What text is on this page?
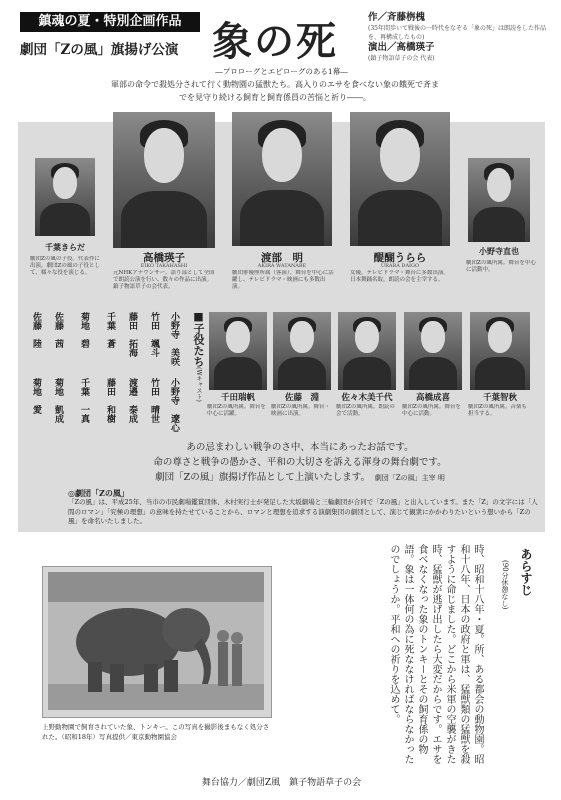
鎮魂の夏・特別企画作品
劇団「Ζの風」旗揚げ公演 象の死
作／斉藤栴槐
(35年間歩いて戦後の一時代をなぞる「象の死」は朗読をした作品を、再構成したもの)
演出／高橋瑛子
(鎮子物語草子の会 代表)
―プロローグとエピローグのある1幕―
軍部の命令で殺処分されて行く動物園の猛獣たち。高入りのエサを食べない象の餓死で斉までを見守り続ける飼育と飼育係員の苦悩と祈り――。
千葉きらだ
劇団Ζの風の子役。代表作に出演。劇団Ζの風の子役として、様々な役を演じる。
高橋瑛子
EIKO TAKAHASHI
元NHKアナウンサー。語り部として全国で朗読公演を行い、数々の作品に出演。鎮子物語草子の会代表。
渡部　明
AKIRA WATANABE
劇団俳優座所属（客演）。舞台を中心に活躍し、テレビドラマ・映画にも多数出演。
醍醐うらら
URARA DAIGO
女優。テレビドラマ・舞台に多数出演。日本舞踊名取。朗読の会を主宰する。
小野寺直也
劇団Ζの風所属。舞台を中心に活動中。
佐藤　陸
菊地　愛
佐藤　茜
菊地　凱成
菊地　碧
千葉　一真
千葉　蒼
藤田　和樹
藤田　拓海
渡邉　泰成
竹田　颯斗
竹田　晴世
小野寺　美咲
小野寺　遼心
■子役たち(Wキャスト)	千田瑞帆
劇団Ζの風所属。舞台を中心に活躍。
佐藤　淵
劇団Ζの風所属。舞台・映画に出演。
佐々木美千代
劇団Ζの風所属。朗読の会で活動。
高橋成喜
劇団Ζの風所属。舞台を中心に活動。
千葉智秋
劇団Ζの風所属。音楽も担当する。
あの忌まわしい戦争のさ中、本当にあったお話です。
命の尊さと戦争の愚かさ、平和の大切さを訴える渾身の舞台劇です。
劇団「Ζの風」旗揚げ作品として上演いたします。　 劇団「Ζの風」主宰 明
◎劇団「Ζの風」
「Ζの風」は、平成25年、当市の市民劇場鑑賞団体、木村実行士が発足した大坂劇場と三輪劇団が合同で「Ζの風」と出入しています。また「Ζ」の文字には「人間のロマン」「究極の理想」の意味を持たせていることから、ロマンと理想を追求する演劇集団の劇団として、演じて観衆にかかわりたいという想いから「Ζの風」を命名いたしました。
上野動物園で飼育されていた象、トンキー。この写真を撮影後まもなく処分された。（昭和18年）写真提供／東京動物園協会
あらすじ
(90分休憩なし)
時、昭和十八年・夏。所、ある都会の動物園。昭和十八年、日本の政府と軍は、猛獣類の猛獣を殺すように命じました。どこから米軍の空襲がきた時、猛獣が逃げ出したら大変だからです。エサを食べなくなった象のトンキーとその飼育係の物語。象は一体何の為に死ななければならなかったのでしょうか。平和への祈りを込めて。
舞台協力／劇団Ζ風　鎮子物語草子の会
